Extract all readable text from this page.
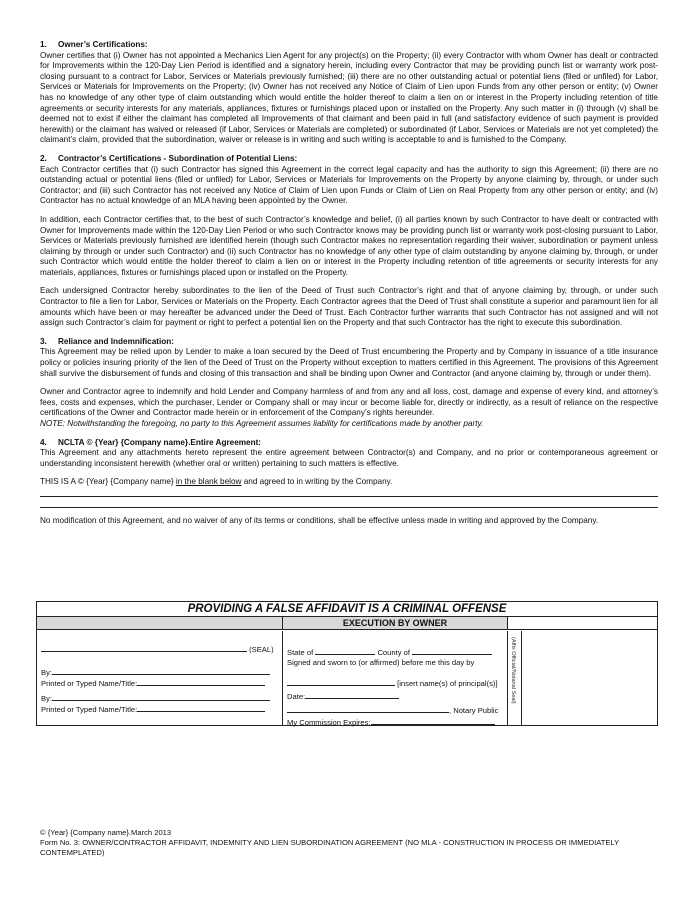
1. Owner’s Certifications:
Owner certifies that (i) Owner has not appointed a Mechanics Lien Agent for any project(s) on the Property; (ii) every Contractor with whom Owner has dealt or contracted for Improvements within the 120-Day Lien Period is identified and a signatory herein, including every Contractor that may be providing punch list or warranty work post-closing pursuant to a contract for Labor, Services or Materials previously furnished; (iii) there are no other outstanding actual or potential liens (filed or unfiled) for Labor, Services or Materials for Improvements on the Property; (iv) Owner has not received any Notice of Claim of Lien upon Funds from any other person or entity; (v) Owner has no knowledge of any other type of claim outstanding which would entitle the holder thereof to claim a lien on or interest in the Property including retention of title agreements or security interests for any materials, appliances, fixtures or furnishings placed upon or installed on the Property. Any such matter in (i) through (v) shall be deemed not to exist if either the claimant has completed all Improvements of that claimant and been paid in full (and satisfactory evidence of such payment is provided herewith) or the claimant has waived or released (if Labor, Services or Materials are completed) or subordinated (if Labor, Services or Materials are not yet completed) the claimant’s claim, provided that the subordination, waiver or release is in writing and such writing is acceptable to and is furnished to the Company.
2. Contractor’s Certifications - Subordination of Potential Liens:
Each Contractor certifies that (i) such Contractor has signed this Agreement in the correct legal capacity and has the authority to sign this Agreement; (ii) there are no outstanding actual or potential liens (filed or unfiled) for Labor, Services or Materials for Improvements on the Property by anyone claiming by, through, or under such Contractor; and (iii) such Contractor has not received any Notice of Claim of Lien upon Funds or Claim of Lien on Real Property from any other person or entity; and (iv) Contractor has no actual knowledge of an MLA having been appointed by the Owner.
In addition, each Contractor certifies that, to the best of such Contractor’s knowledge and belief, (i) all parties known by such Contractor to have dealt or contracted with Owner for Improvements made within the 120-Day Lien Period or who such Contractor knows may be providing punch list or warranty work post-closing pursuant to Labor, Services or Materials previously furnished are identified herein (though such Contractor makes no representation regarding their waiver, subordination or payment unless claiming by through or under such Contractor) and (ii) such Contractor has no knowledge of any other type of claim outstanding by anyone claiming by, through, or under such Contractor which would entitle the holder thereof to claim a lien on or interest in the Property including retention of title agreements or security interests for any materials, appliances, fixtures or furnishings placed upon or installed on the Property.
Each undersigned Contractor hereby subordinates to the lien of the Deed of Trust such Contractor’s right and that of anyone claiming by, through, or under such Contractor to file a lien for Labor, Services or Materials on the Property. Each Contractor agrees that the Deed of Trust shall constitute a superior and paramount lien for all amounts which have been or may hereafter be advanced under the Deed of Trust. Each Contractor further warrants that such Contractor has not assigned and will not assign such Contractor’s claim for payment or right to perfect a potential lien on the Property and that such Contractor has the right to execute this subordination.
3. Reliance and Indemnification:
This Agreement may be relied upon by Lender to make a loan secured by the Deed of Trust encumbering the Property and by Company in issuance of a title insurance policy or policies insuring priority of the lien of the Deed of Trust on the Property without exception to matters certified in this Agreement. The provisions of this Agreement shall survive the disbursement of funds and closing of this transaction and shall be binding upon Owner and Contractor (and anyone claiming by, through or under them).
Owner and Contractor agree to indemnify and hold Lender and Company harmless of and from any and all loss, cost, damage and expense of every kind, and attorney’s fees, costs and expenses, which the purchaser, Lender or Company shall or may incur or become liable for, directly or indirectly, as a result of reliance on the respective certifications of the Owner and Contractor made herein or in enforcement of the Company’s rights hereunder.
NOTE: Notwithstanding the foregoing, no party to this Agreement assumes liability for certifications made by another party.
4. NCLTA © {Year} {Company name}.Entire Agreement:
This Agreement and any attachments hereto represent the entire agreement between Contractor(s) and Company, and no prior or contemporaneous agreement or understanding inconsistent herewith (whether oral or written) pertaining to such matters is effective.
THIS IS A © {Year} {Company name} in the blank below and agreed to in writing by the Company.
No modification of this Agreement, and no waiver of any of its terms or conditions, shall be effective unless made in writing and approved by the Company.
PROVIDING A FALSE AFFIDAVIT IS A CRIMINAL OFFENSE
EXECUTION BY OWNER
(SEAL)
By:
Printed or Typed Name/Title:
By:
Printed or Typed Name/Title:
State of	County of
Signed and sworn to (or affirmed) before me this day by
[insert name(s) of principal(s)]
Date:
, Notary Public
My Commission Expires:
(Affix Official/Notarial Seal)
© {Year} {Company name}.March 2013
Form No. 3: OWNER/CONTRACTOR AFFIDAVIT, INDEMNITY AND LIEN SUBORDINATION AGREEMENT (NO MLA - CONSTRUCTION IN PROCESS OR IMMEDIATELY
CONTEMPLATED)
